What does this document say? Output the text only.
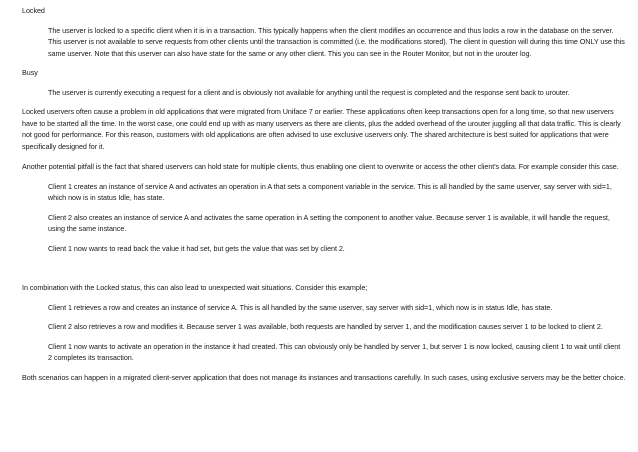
Locked

The userver is locked to a specific client when it is in a transaction. This typically happens when the client modifies an occurrence and thus locks a row in the database on the server. This userver is not available to serve requests from other clients until the transaction is committed (i.e. the modifications stored). The client in question will during this time ONLY use this same userver. Note that this userver can also have state for the same or any other client. This you can see in the Router Monitor, but not in the urouter log.

Busy

The userver is currently executing a request for a client and is obviously not available for anything until the request is completed and the response sent back to urouter.

Locked uservers often cause a problem in old applications that were migrated from Uniface 7 or earlier. These applications often keep transactions open for a long time, so that new uservers have to be started all the time. In the worst case, one could end up with as many uservers as there are clients, plus the added overhead of the urouter juggling all that data traffic. This is clearly not good for performance. For this reason, customers with old applications are often advised to use exclusive uservers only. The shared architecture is best suited for applications that were specifically designed for it.

Another potential pitfall is the fact that shared uservers can hold state for multiple clients, thus enabling one client to overwrite or access the other client's data. For example consider this case.

Client 1 creates an instance of service A and activates an operation in A that sets a component variable in the service. This is all handled by the same userver, say server with sid=1, which now is in status Idle, has state.

Client 2 also creates an instance of service A and activates the same operation in A setting the component to another value. Because server 1 is available, it will handle the request, using the same instance.

Client 1 now wants to read back the value it had set, but gets the value that was set by client 2.

In combination with the Locked status, this can also lead to unexpected wait situations. Consider this example;

Client 1 retrieves a row and creates an instance of service A. This is all handled by the same userver, say server with sid=1, which now is in status Idle, has state.

Client 2 also retrieves a row and modifies it. Because server 1 was available, both requests are handled by server 1, and the modification causes server 1 to be locked to client 2.

Client 1 now wants to activate an operation in the instance it had created. This can obviously only be handled by server 1, but server 1 is now locked, causing client 1 to wait until client 2 completes its transaction.

Both scenarios can happen in a migrated client-server application that does not manage its instances and transactions carefully. In such cases, using exclusive servers may be the better choice.
